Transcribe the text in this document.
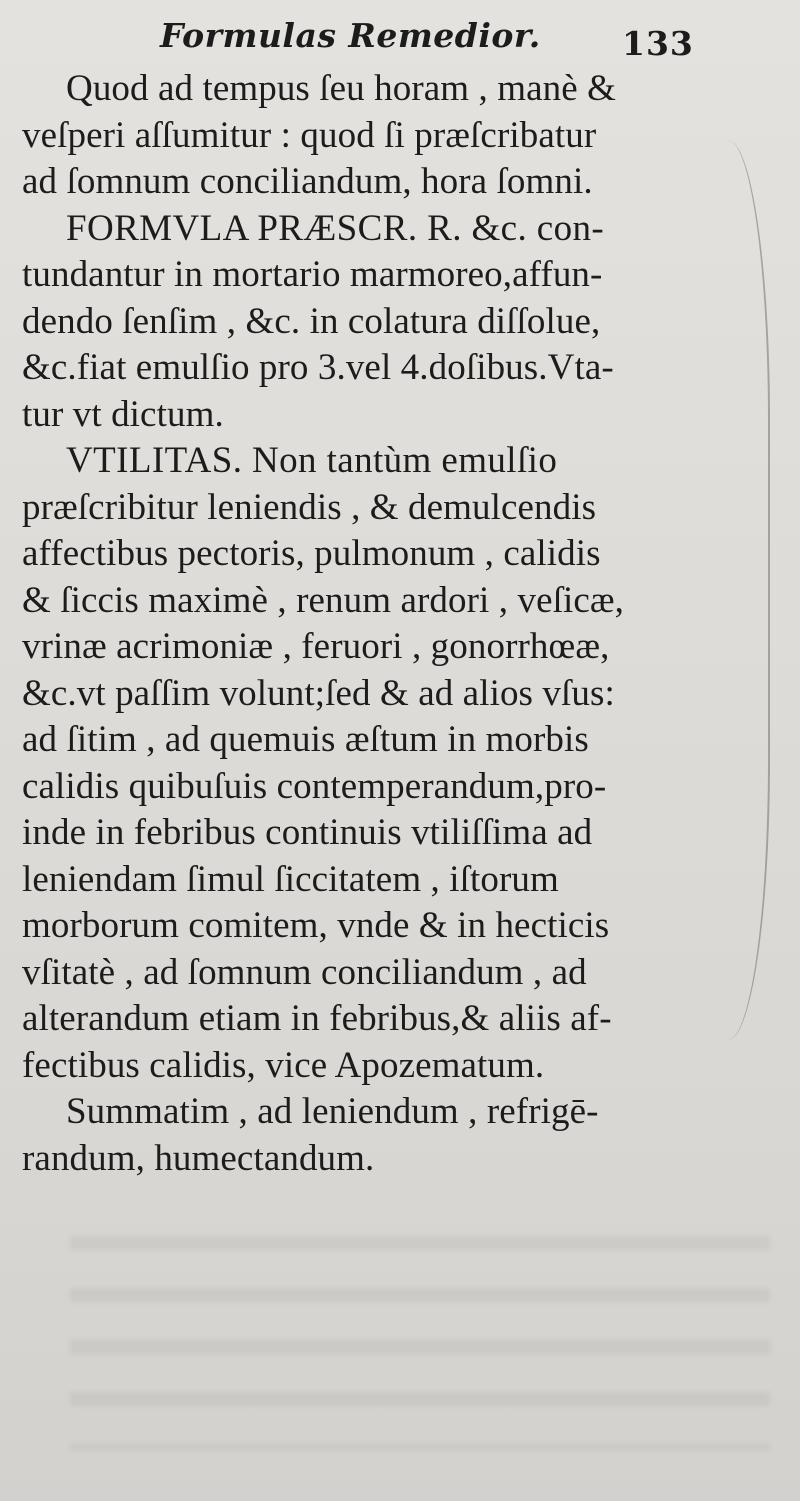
Formulas Remedior. 133
Quod ad tempus ſeu horam , manè &
veſperi aſſumitur : quod ſi præſcribatur
ad ſomnum conciliandum, hora ſomni.
FORMVLA PRÆSCR. R. &c. con-
tundantur in mortario marmoreo,affun-
dendo ſenſim , &c. in colatura diſſolue,
&c.fiat emulſio pro 3.vel 4.doſibus.Vta-
tur vt dictum.
VTILITAS. Non tantùm emulſio
præſcribitur leniendis , & demulcendis
affectibus pectoris, pulmonum , calidis
& ſiccis maximè , renum ardori , veſicæ,
vrinæ acrimoniæ , feruori , gonorrhœæ,
&c.vt paſſim volunt;ſed & ad alios vſus:
ad ſitim , ad quemuis æſtum in morbis
calidis quibuſuis contemperandum,pro-
inde in febribus continuis vtiliſſima ad
leniendam ſimul ſiccitatem , iſtorum
morborum comitem, vnde & in hecticis
vſitatè , ad ſomnum conciliandum , ad
alterandum etiam in febribus,& aliis af-
fectibus calidis, vice Apozematum.
Summatim , ad leniendum , refrigē-
randum, humectandum.
